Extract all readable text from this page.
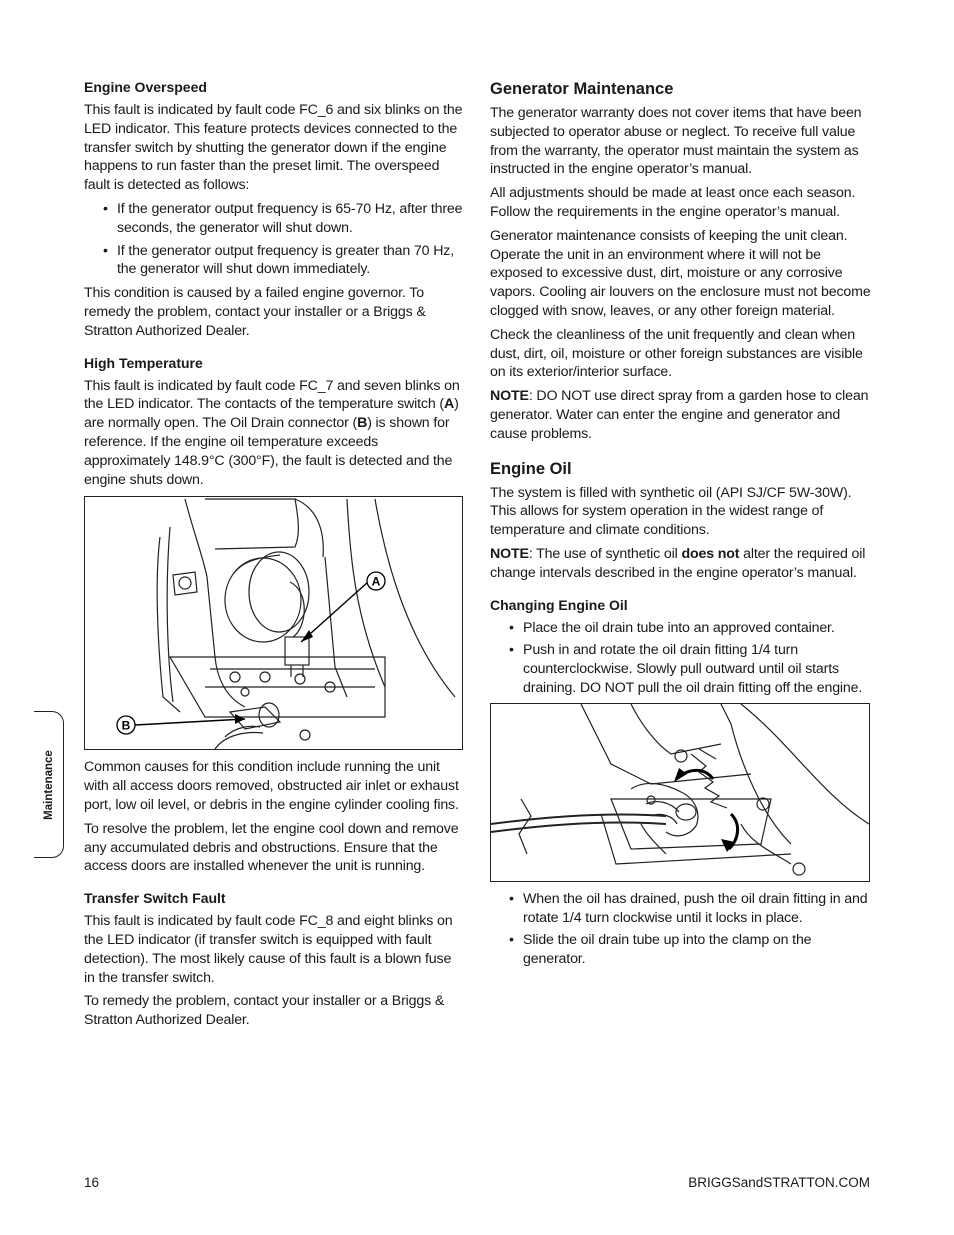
Engine Overspeed

This fault is indicated by fault code FC_6 and six blinks on the LED indicator. This feature protects devices connected to the transfer switch by shutting the generator down if the engine happens to run faster than the preset limit. The overspeed fault is detected as follows:

• If the generator output frequency is 65-70 Hz, after three seconds, the generator will shut down.
• If the generator output frequency is greater than 70 Hz, the generator will shut down immediately.

This condition is caused by a failed engine governor. To remedy the problem, contact your installer or a Briggs & Stratton Authorized Dealer.

High Temperature

This fault is indicated by fault code FC_7 and seven blinks on the LED indicator. The contacts of the temperature switch (A) are normally open. The Oil Drain connector (B) is shown for reference. If the engine oil temperature exceeds approximately 148.9°C (300°F), the fault is detected and the engine shuts down.

A
B

Common causes for this condition include running the unit with all access doors removed, obstructed air inlet or exhaust port, low oil level, or debris in the engine cylinder cooling fins.

To resolve the problem, let the engine cool down and remove any accumulated debris and obstructions. Ensure that the access doors are installed whenever the unit is running.

Transfer Switch Fault

This fault is indicated by fault code FC_8 and eight blinks on the LED indicator (if transfer switch is equipped with fault detection). The most likely cause of this fault is a blown fuse in the transfer switch.

To remedy the problem, contact your installer or a Briggs & Stratton Authorized Dealer.

Generator Maintenance

The generator warranty does not cover items that have been subjected to operator abuse or neglect. To receive full value from the warranty, the operator must maintain the system as instructed in the engine operator’s manual.

All adjustments should be made at least once each season. Follow the requirements in the engine operator’s manual.

Generator maintenance consists of keeping the unit clean. Operate the unit in an environment where it will not be exposed to excessive dust, dirt, moisture or any corrosive vapors. Cooling air louvers on the enclosure must not become clogged with snow, leaves, or any other foreign material.

Check the cleanliness of the unit frequently and clean when dust, dirt, oil, moisture or other foreign substances are visible on its exterior/interior surface.

NOTE: DO NOT use direct spray from a garden hose to clean generator. Water can enter the engine and generator and cause problems.

Engine Oil

The system is filled with synthetic oil (API SJ/CF 5W-30W). This allows for system operation in the widest range of temperature and climate conditions.

NOTE: The use of synthetic oil does not alter the required oil change intervals described in the engine operator’s manual.

Changing Engine Oil
• Place the oil drain tube into an approved container.
• Push in and rotate the oil drain fitting 1/4 turn counterclockwise. Slowly pull outward until oil starts draining. DO NOT pull the oil drain fitting off the engine.
• When the oil has drained, push the oil drain fitting in and rotate 1/4 turn clockwise until it locks in place.
• Slide the oil drain tube up into the clamp on the generator.
Maintenance
16	BRIGGSandSTRATTON.COM
